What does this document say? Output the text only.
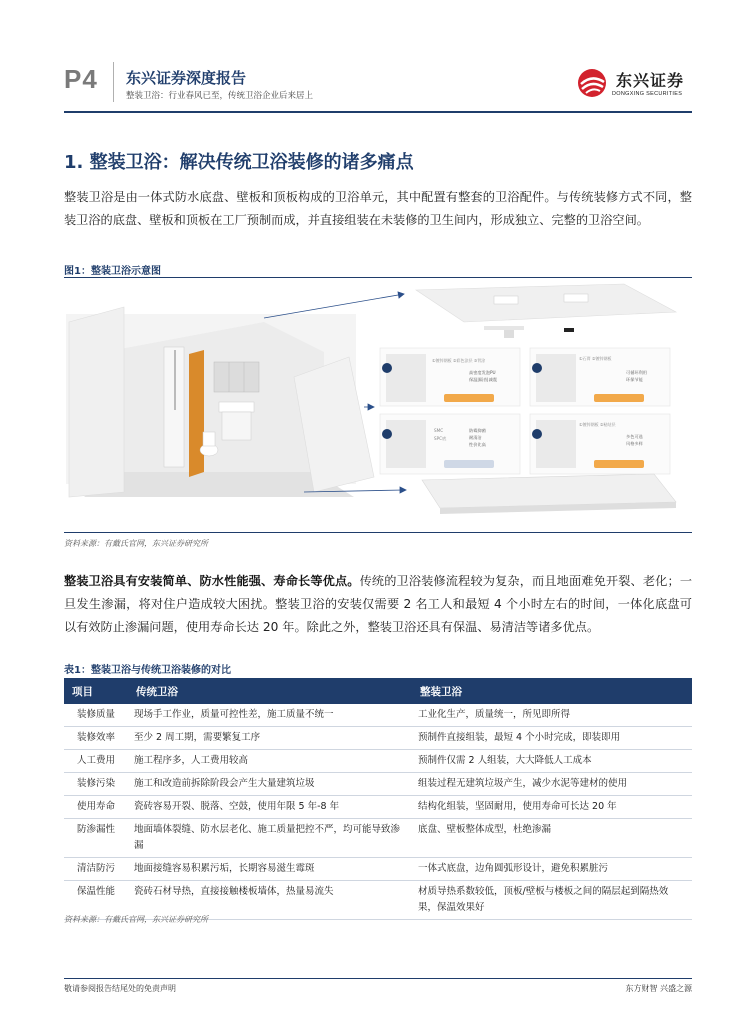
P4 东兴证券深度报告
整装卫浴：行业春风已至，传统卫浴企业后来居上
东兴证券
DONGXING SECURITIES
1. 整装卫浴：解决传统卫浴装修的诸多痛点
整装卫浴是由一体式防水底盘、壁板和顶板构成的卫浴单元，其中配置有整套的卫浴配件。与传统装修方式不同，整装卫浴的底盘、壁板和顶板在工厂预制而成，并直接组装在未装修的卫生间内，形成独立、完整的卫浴空间。
图1：整装卫浴示意图
①镀锌钢板 ②彩色涂层 ③背涂
高密度发泡PU
保温|隔音|减震
①石膏 ②镀锌钢板
可循环利用
环保节能
SMC
SPC底
防霉抑菌
耐清洁
性价比高
①镀锌钢板 ②粘结层
多色可选
风格多样
资料来源：有戴氏官网，东兴证券研究所
整装卫浴具有安装简单、防水性能强、寿命长等优点。传统的卫浴装修流程较为复杂，而且地面难免开裂、老化；一旦发生渗漏，将对住户造成较大困扰。整装卫浴的安装仅需要 2 名工人和最短 4 个小时左右的时间，一体化底盘可以有效防止渗漏问题，使用寿命长达 20 年。除此之外，整装卫浴还具有保温、易清洁等诸多优点。
表1：整装卫浴与传统卫浴装修的对比
项目	传统卫浴	整装卫浴
装修质量	现场手工作业，质量可控性差，施工质量不统一	工业化生产，质量统一，所见即所得
装修效率	至少 2 周工期，需要繁复工序	预制件直接组装，最短 4 个小时完成，即装即用
人工费用	施工程序多，人工费用较高	预制件仅需 2 人组装，大大降低人工成本
装修污染	施工和改造前拆除阶段会产生大量建筑垃圾	组装过程无建筑垃圾产生，减少水泥等建材的使用
使用寿命	瓷砖容易开裂、脱落、空鼓，使用年限 5 年-8 年	结构化组装，坚固耐用，使用寿命可长达 20 年
防渗漏性	地面墙体裂缝、防水层老化、施工质量把控不严，均可能导致渗漏	底盘、壁板整体成型，杜绝渗漏
清洁防污	地面接缝容易积累污垢，长期容易滋生霉斑	一体式底盘，边角圆弧形设计，避免积累脏污
保温性能	瓷砖石材导热，直接接触楼板墙体，热量易流失	材质导热系数较低，顶板/壁板与楼板之间的隔层起到隔热效果，保温效果好
资料来源：有戴氏官网，东兴证券研究所
敬请参阅报告结尾处的免责声明	东方财智 兴盛之源
